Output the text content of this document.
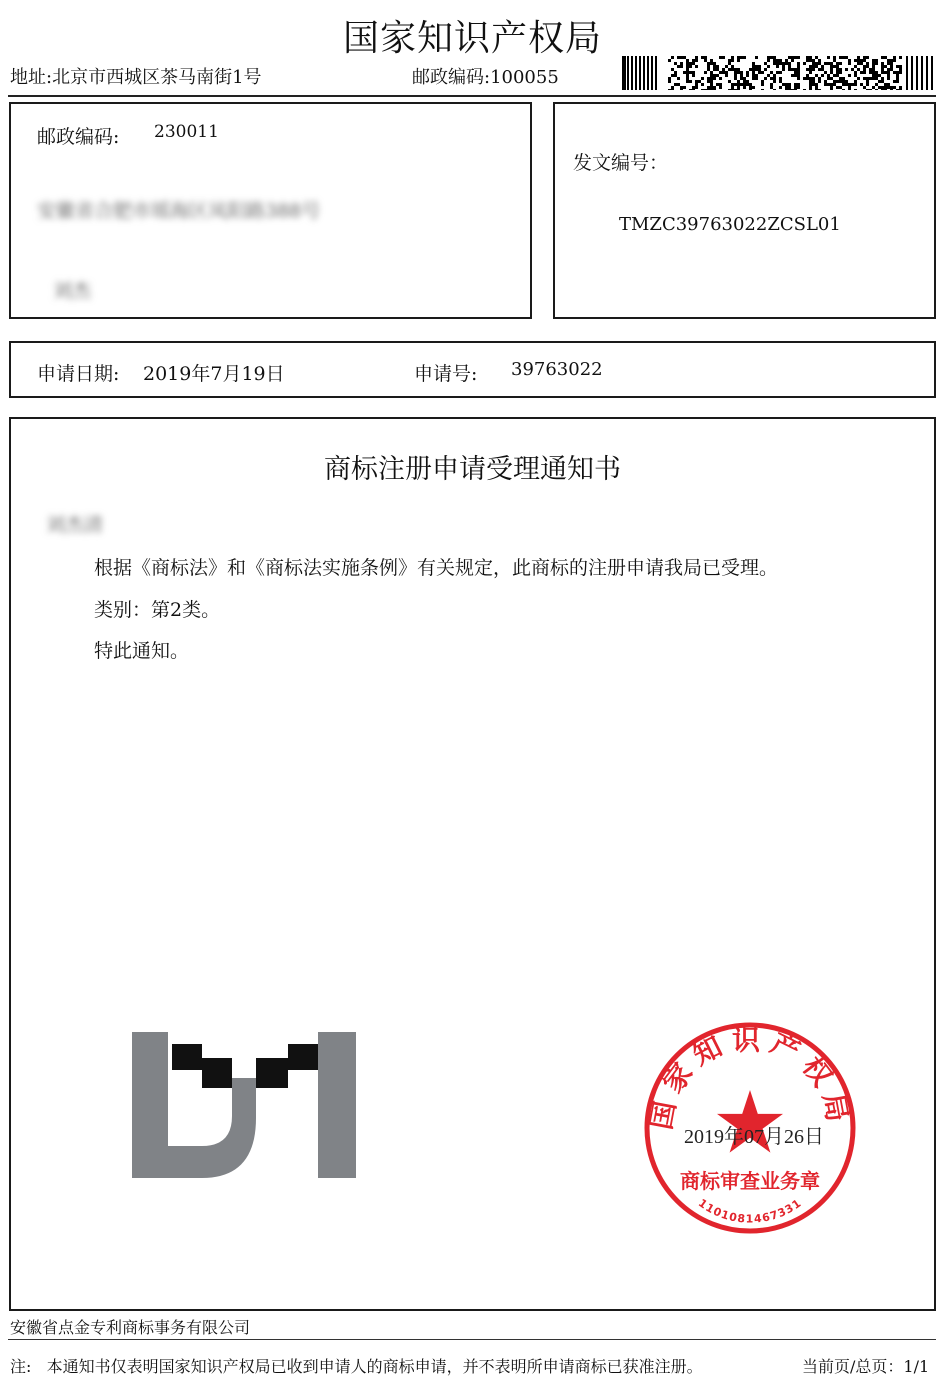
国家知识产权局
地址:北京市西城区茶马南街1号	邮政编码:100055
邮政编码: 230011
安徽省合肥市瑶海区凤阳路388号
刘杰
发文编号：
TMZC39763022ZCSL01
申请日期: 2019年7月19日	申请号: 39763022
商标注册申请受理通知书
刘杰清
根据《商标法》和《商标法实施条例》有关规定，此商标的注册申请我局已受理。
类别：第2类。
特此通知。
国家知识产权局
商标审查业务章
1101081467331
2019年07月26日
安徽省点金专利商标事务有限公司
注:   本通知书仅表明国家知识产权局已收到申请人的商标申请，并不表明所申请商标已获准注册。	当前页/总页：1/1
